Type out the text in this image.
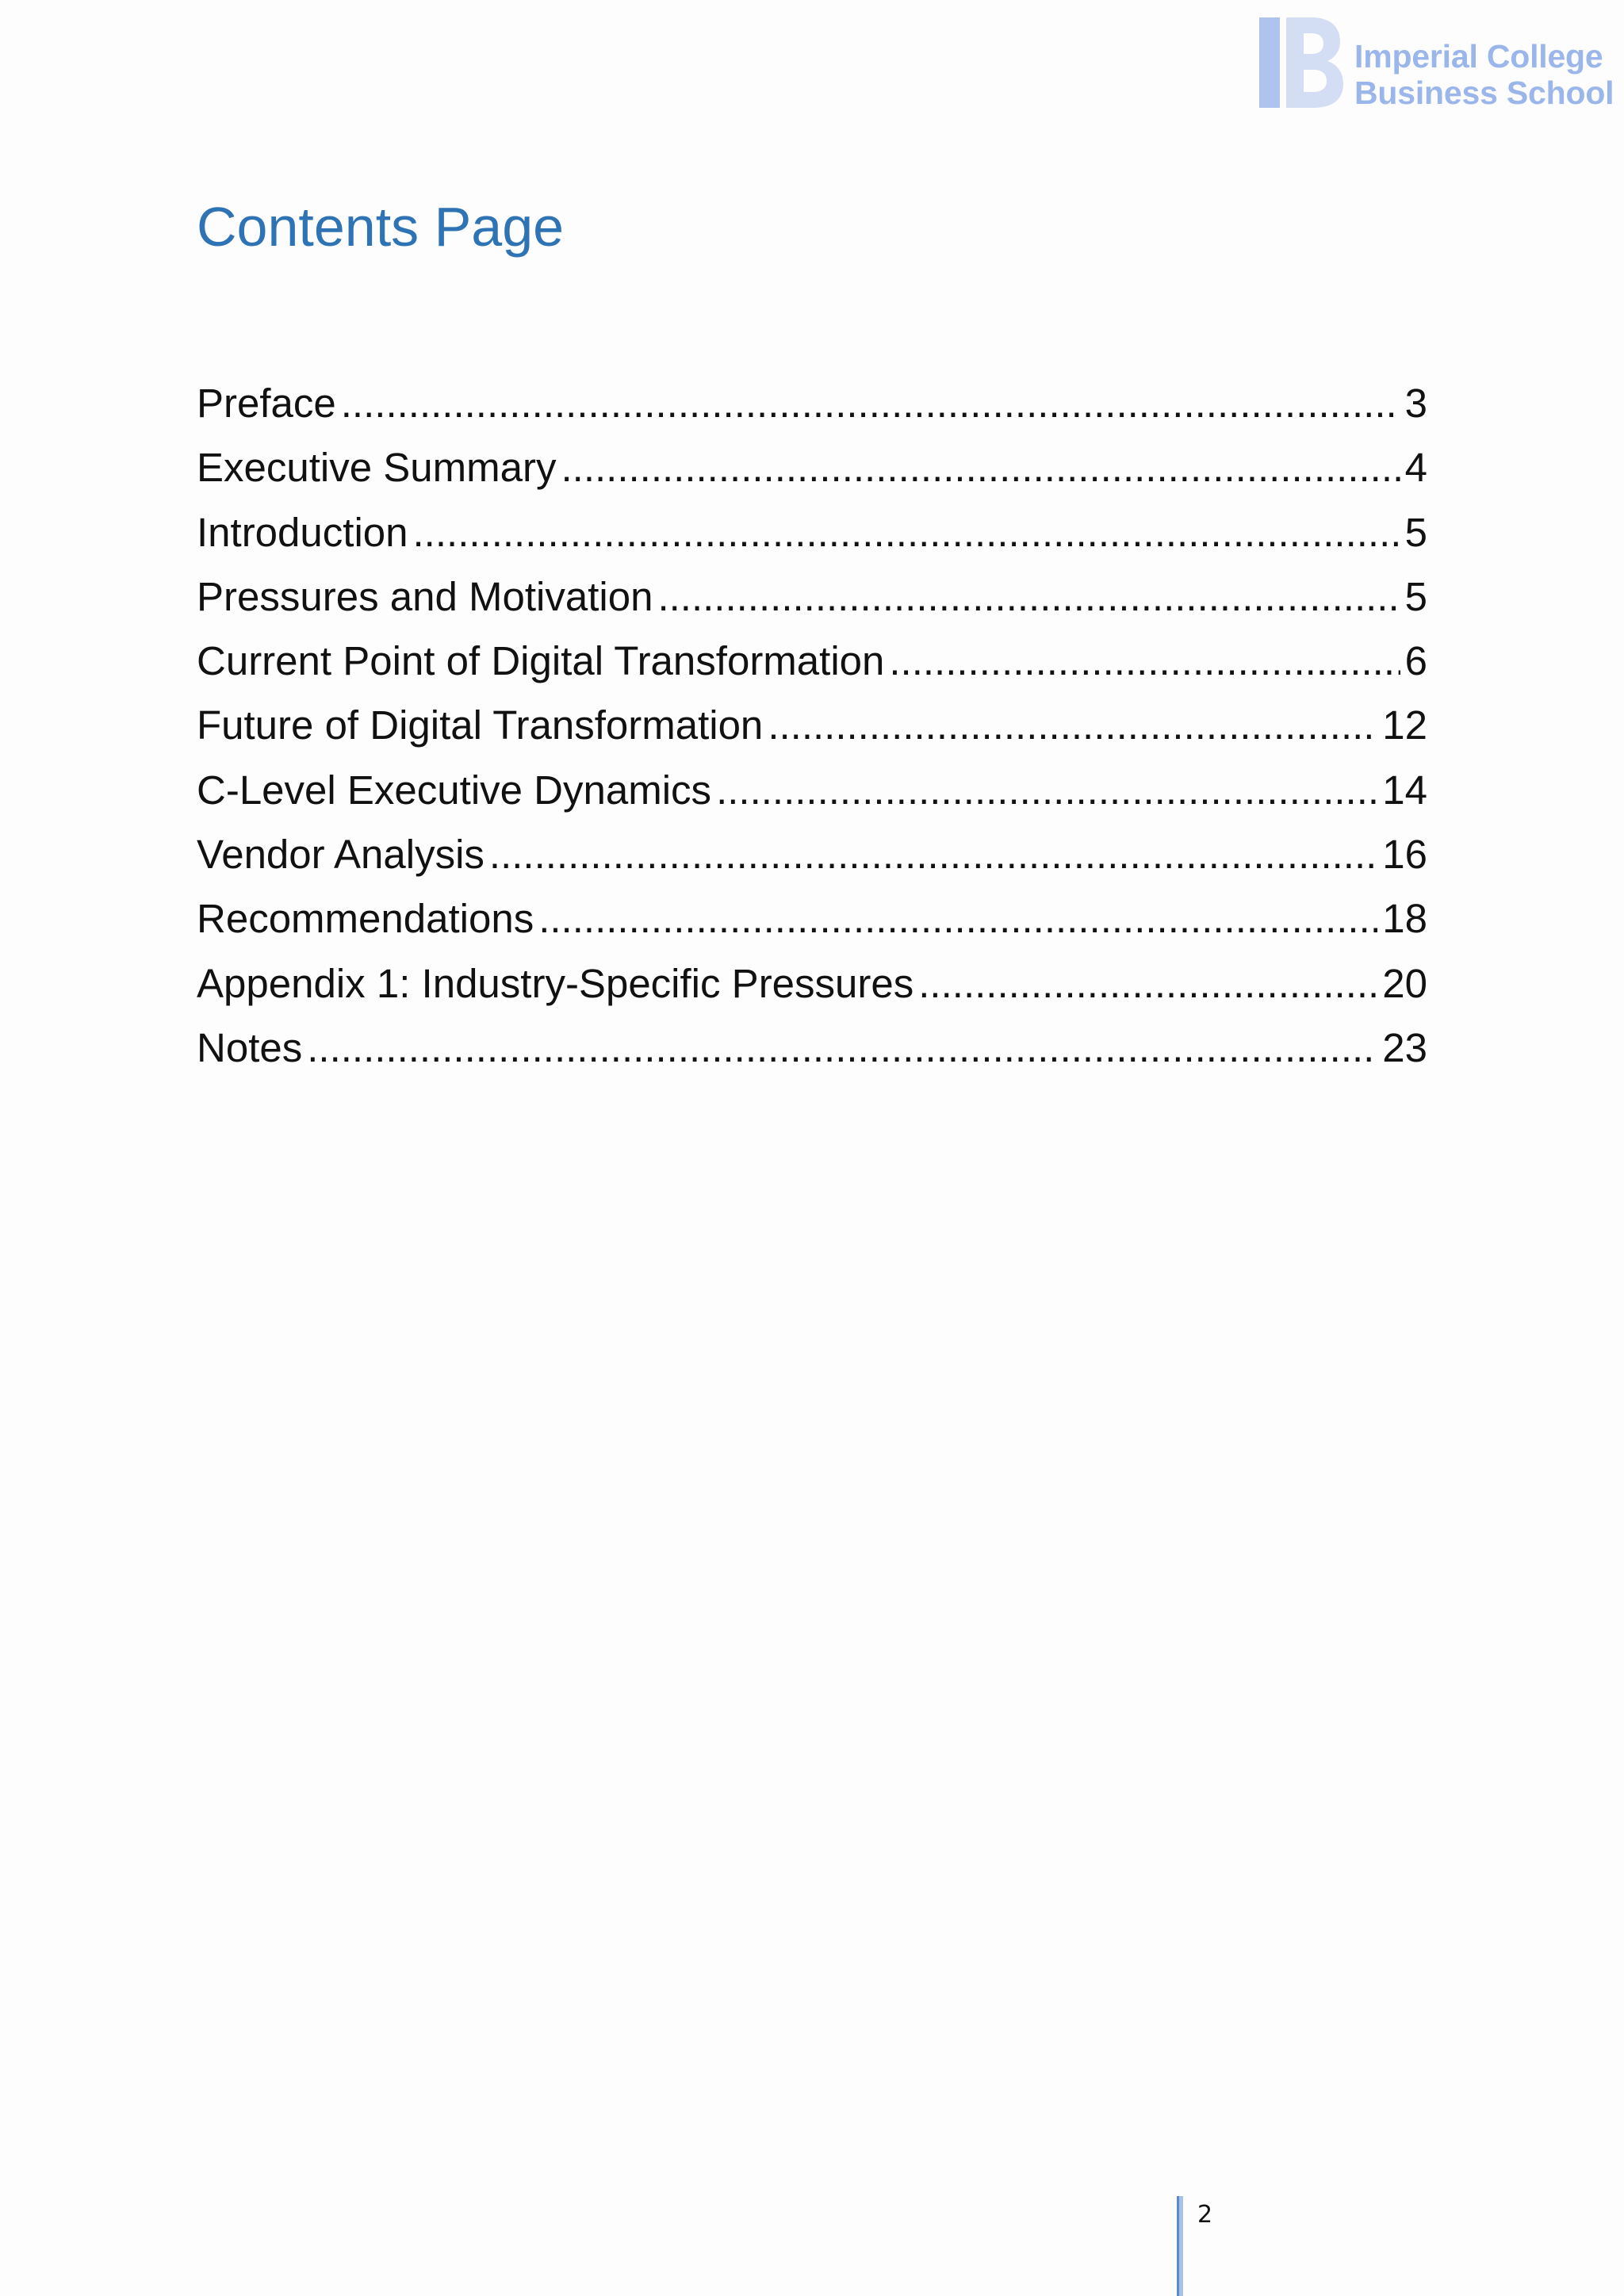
Imperial College
Business School
Contents Page
Preface .....	3
Executive Summary .....	4
Introduction .....	5
Pressures and Motivation .....	5
Current Point of Digital Transformation .....	6
Future of Digital Transformation .....	12
C-Level Executive Dynamics .....	14
Vendor Analysis .....	16
Recommendations .....	18
Appendix 1: Industry-Specific Pressures .....	20
Notes .....	23
2
